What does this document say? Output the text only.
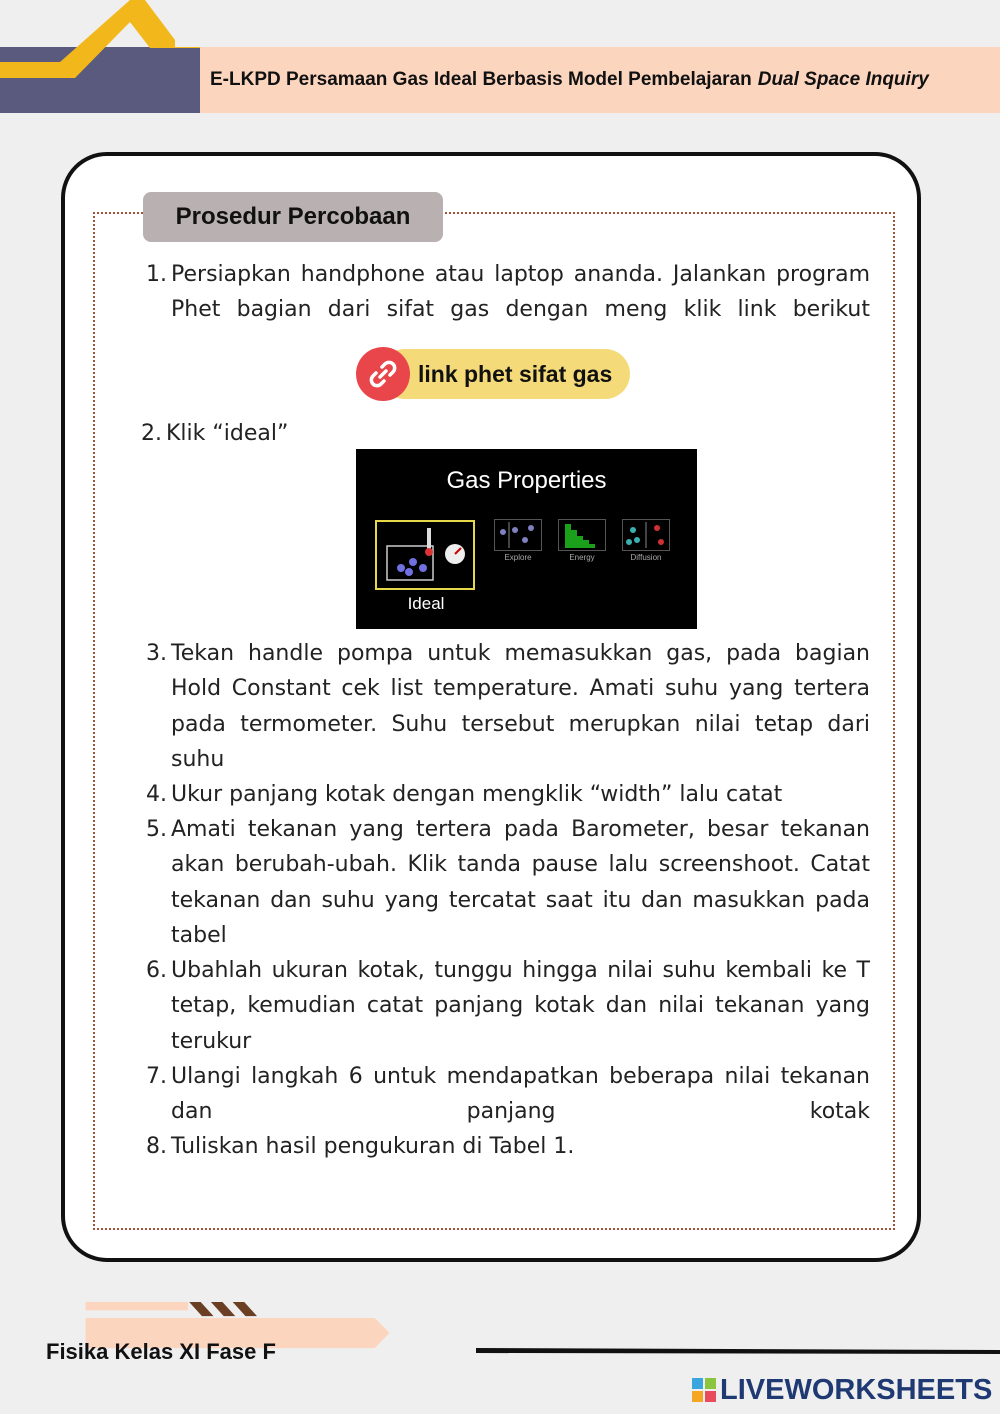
E-LKPD Persamaan Gas Ideal Berbasis Model Pembelajaran Dual Space Inquiry
Prosedur Percobaan
1. Persiapkan handphone atau laptop ananda. Jalankan program Phet bagian dari sifat gas dengan meng klik link berikut
link phet sifat gas
2. Klik “ideal”
Gas Properties
Ideal
Explore	Energy	Diffusion
3. Tekan handle pompa untuk memasukkan gas, pada bagian Hold Constant cek list temperature. Amati suhu yang tertera pada termometer. Suhu tersebut merupkan nilai tetap dari suhu
4. Ukur panjang kotak dengan mengklik “width” lalu catat
5. Amati tekanan yang tertera pada Barometer, besar tekanan akan berubah-ubah. Klik tanda pause lalu screenshoot. Catat tekanan dan suhu yang tercatat saat itu dan masukkan pada tabel
6. Ubahlah ukuran kotak, tunggu hingga nilai suhu kembali ke T tetap, kemudian catat panjang kotak dan nilai tekanan yang terukur
7. Ulangi langkah 6 untuk mendapatkan beberapa nilai tekanan dan panjang kotak
8. Tuliskan hasil pengukuran di Tabel 1.
Fisika Kelas XI Fase F
LIVEWORKSHEETS
